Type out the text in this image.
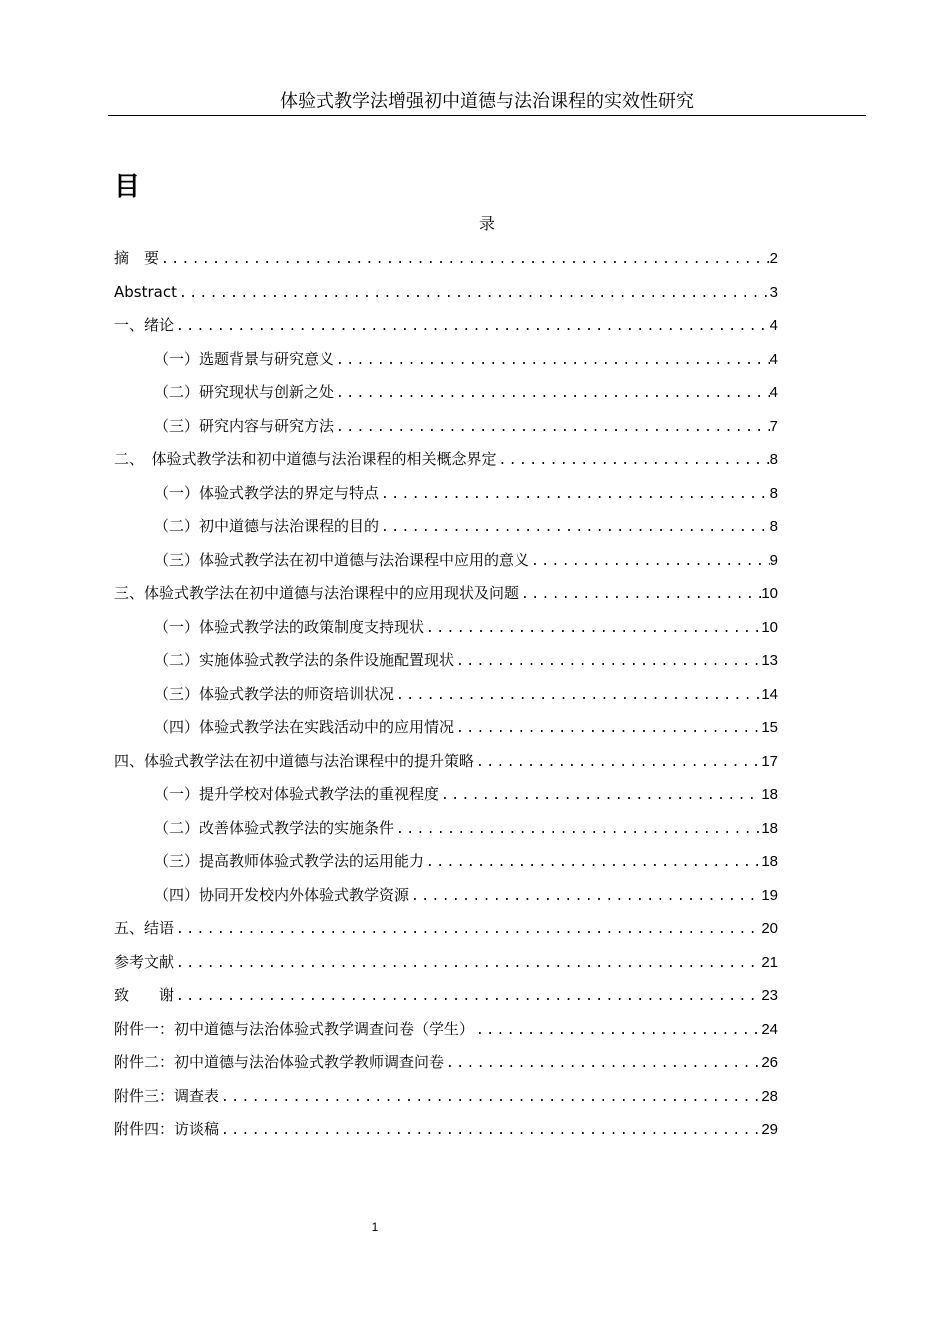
体验式教学法增强初中道德与法治课程的实效性研究
目
录
摘　要 .....	2
Abstract .....	3
一、绪论 .....	4
（一）选题背景与研究意义 .....	4
（二）研究现状与创新之处 .....	4
（三）研究内容与研究方法 .....	7
二、　体验式教学法和初中道德与法治课程的相关概念界定 .....	8
（一）体验式教学法的界定与特点 .....	8
（二）初中道德与法治课程的目的 .....	8
（三）体验式教学法在初中道德与法治课程中应用的意义 .....	9
三、体验式教学法在初中道德与法治课程中的应用现状及问题 .....	10
（一）体验式教学法的政策制度支持现状 .....	10
（二）实施体验式教学法的条件设施配置现状 .....	13
（三）体验式教学法的师资培训状况 .....	14
（四）体验式教学法在实践活动中的应用情况 .....	15
四、体验式教学法在初中道德与法治课程中的提升策略 .....	17
（一）提升学校对体验式教学法的重视程度 .....	18
（二）改善体验式教学法的实施条件 .....	18
（三）提高教师体验式教学法的运用能力 .....	18
（四）协同开发校内外体验式教学资源 .....	19
五、结语 .....	20
参考文献 .....	21
致　　谢 .....	23
附件一：初中道德与法治体验式教学调查问卷（学生） .....	24
附件二：初中道德与法治体验式教学教师调查问卷 .....	26
附件三：调查表 .....	28
附件四：访谈稿 .....	29
1
